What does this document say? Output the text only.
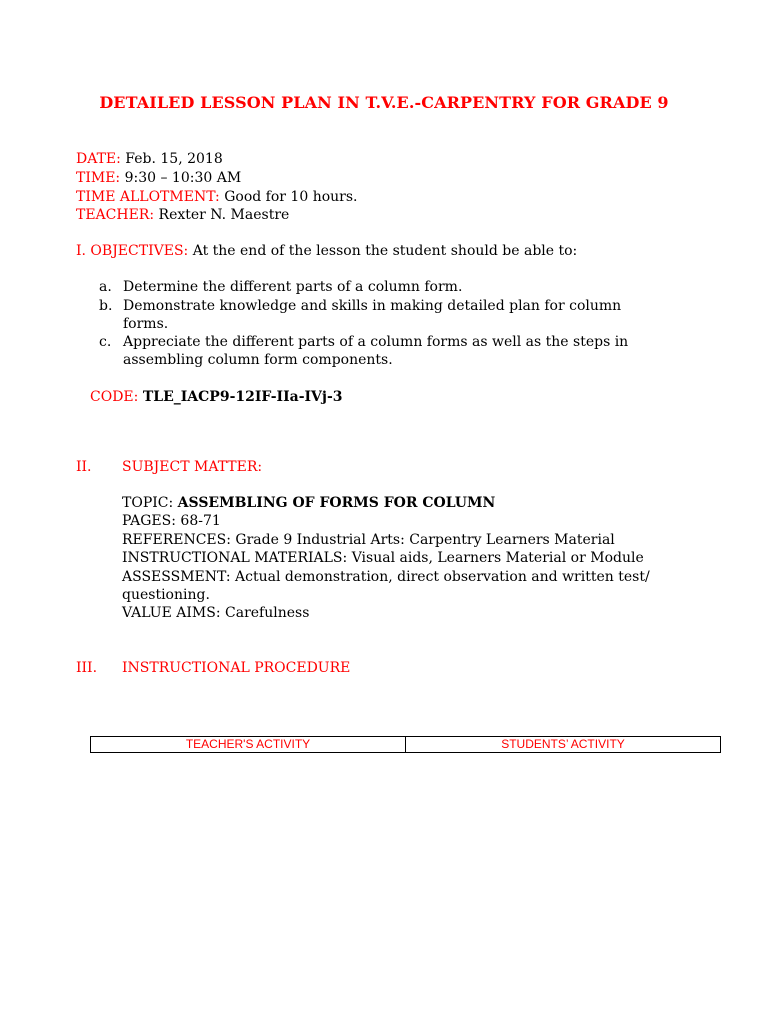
DETAILED LESSON PLAN IN T.V.E.-CARPENTRY FOR GRADE 9
DATE: Feb. 15, 2018
TIME: 9:30 – 10:30 AM
TIME ALLOTMENT: Good for 10 hours.
TEACHER: Rexter N. Maestre
I. OBJECTIVES: At the end of the lesson the student should be able to:
a. Determine the different parts of a column form.
b. Demonstrate knowledge and skills in making detailed plan for column forms.
c. Appreciate the different parts of a column forms as well as the steps in assembling column form components.
CODE: TLE_IACP9-12IF-IIa-IVj-3
II. SUBJECT MATTER:
TOPIC: ASSEMBLING OF FORMS FOR COLUMN
PAGES: 68-71
REFERENCES: Grade 9 Industrial Arts: Carpentry Learners Material
INSTRUCTIONAL MATERIALS: Visual aids, Learners Material or Module
ASSESSMENT: Actual demonstration, direct observation and written test/
questioning.
VALUE AIMS: Carefulness
III. INSTRUCTIONAL PROCEDURE
TEACHER'S ACTIVITY	STUDENTS’ ACTIVITY
